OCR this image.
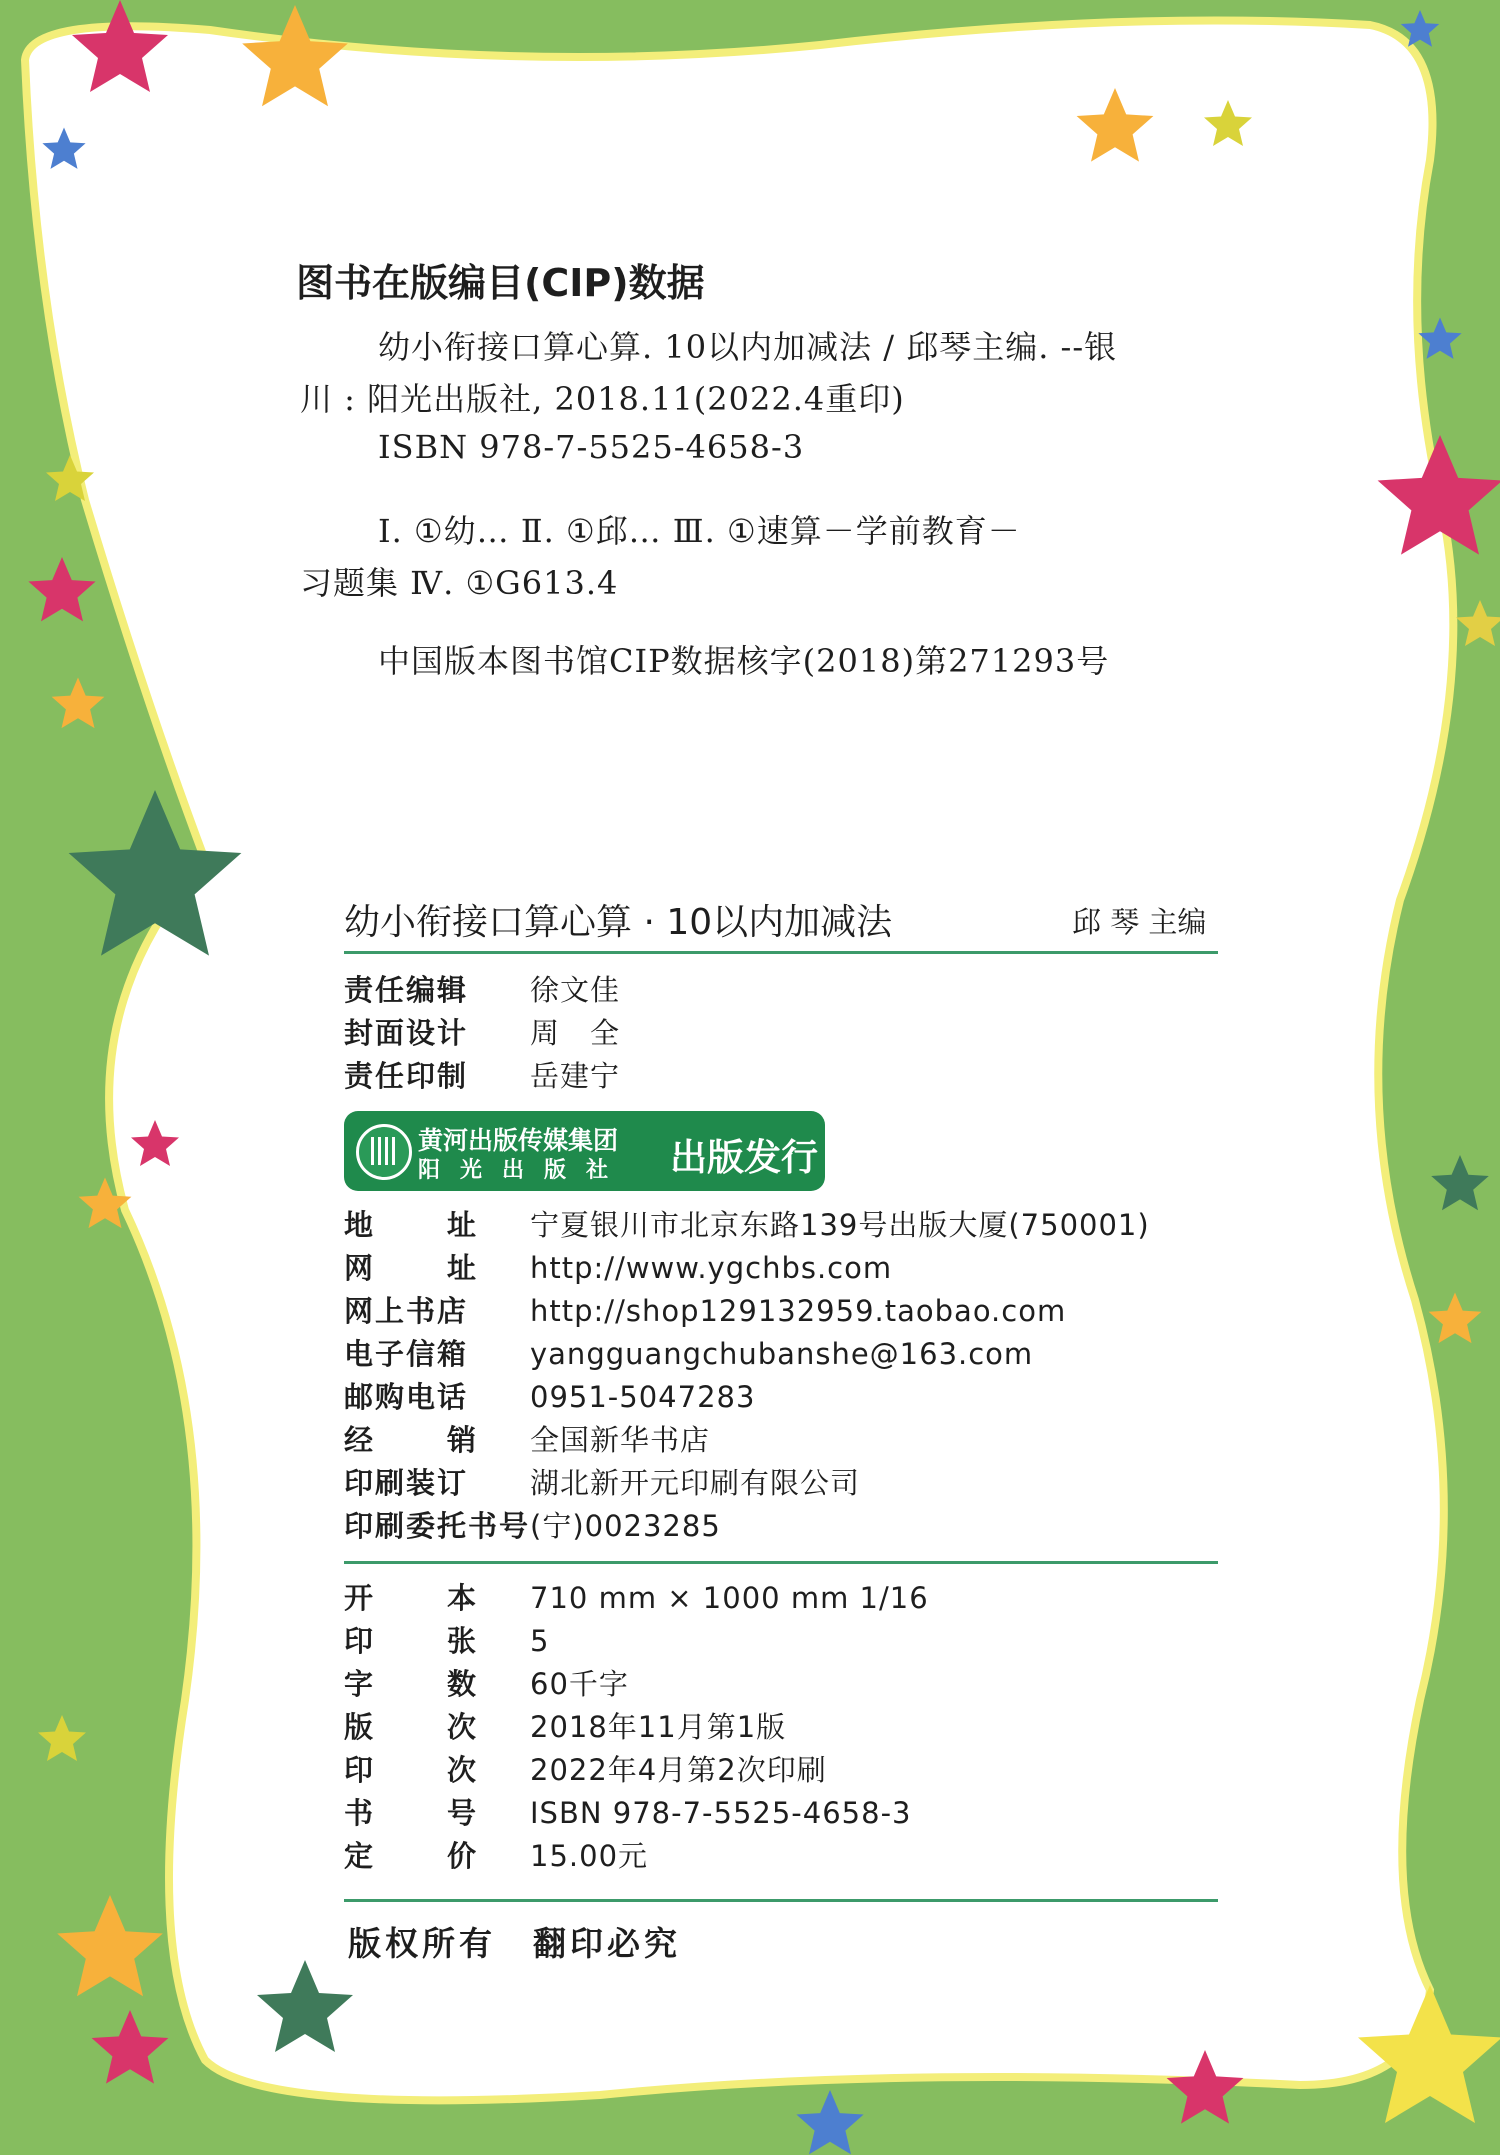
图书在版编目(CIP)数据
幼小衔接口算心算. 10以内加减法 / 邱琴主编. --银
川 : 阳光出版社, 2018.11(2022.4重印)
ISBN 978-7-5525-4658-3
Ⅰ. ①幼… Ⅱ. ①邱… Ⅲ. ①速算－学前教育－
习题集 Ⅳ. ①G613.4
中国版本图书馆CIP数据核字(2018)第271293号
幼小衔接口算心算 · 10以内加减法	邱 琴 主编
责任编辑 徐文佳
封面设计 周　全
责任印制 岳建宁
黄河出版传媒集团
阳光出版社 出版发行
地址 宁夏银川市北京东路139号出版大厦(750001)
网址 http://www.ygchbs.com
网上书店 http://shop129132959.taobao.com
电子信箱 yangguangchubanshe@163.com
邮购电话 0951-5047283
经销 全国新华书店
印刷装订 湖北新开元印刷有限公司
印刷委托书号(宁)0023285
开本 710 mm × 1000 mm 1/16
印张 5
字数 60千字
版次 2018年11月第1版
印次 2022年4月第2次印刷
书号 ISBN 978-7-5525-4658-3
定价 15.00元
版权所有　翻印必究
